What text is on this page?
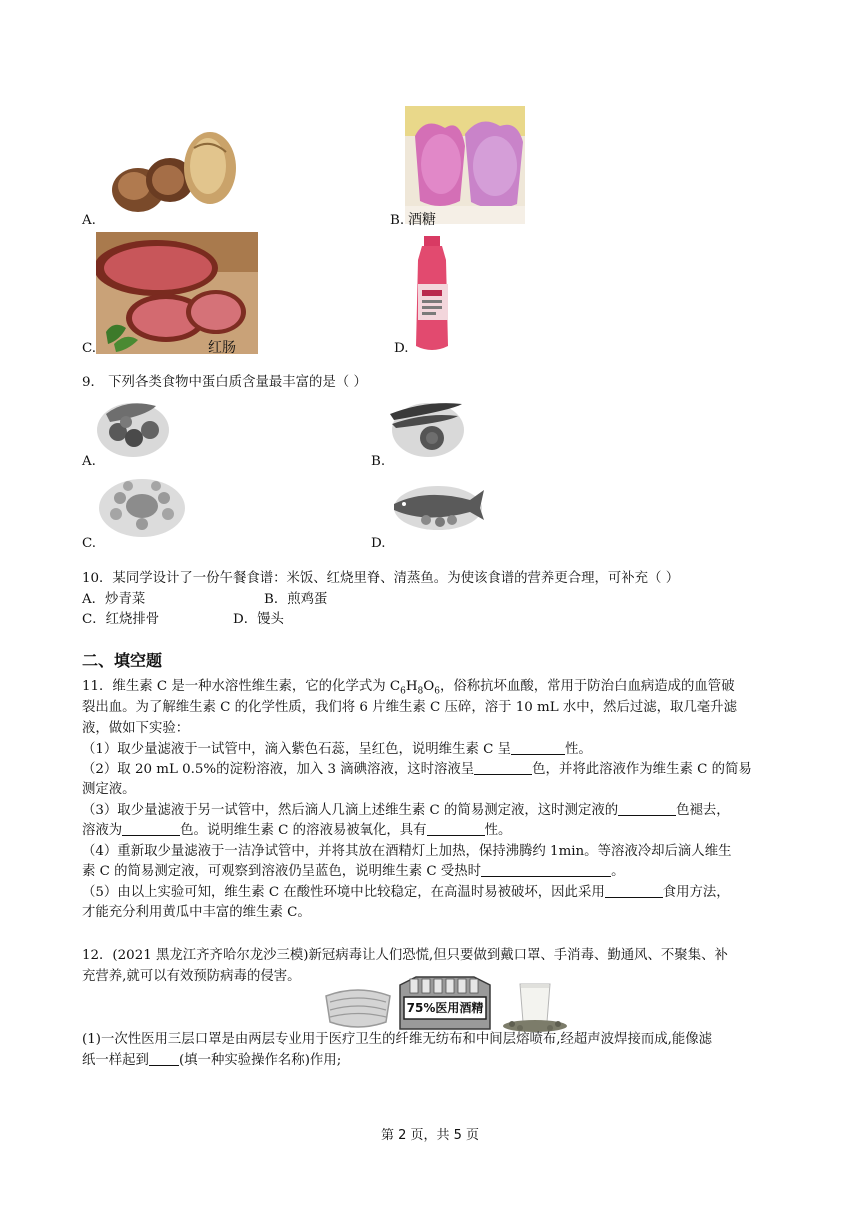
A.	B. 酒糖
C.	红肠	D.
9． 下列各类食物中蛋白质含量最丰富的是（ ）
A.	B.
C.	D.
10．某同学设计了一份午餐食谱：米饭、红烧里脊、清蒸鱼。为使该食谱的营养更合理，可补充（ ）
A．炒青菜	B．煎鸡蛋
C．红烧排骨	D．馒头
二、填空题
11．维生素 C 是一种水溶性维生素，它的化学式为 $C_6H_8O_6$，俗称抗坏血酸，常用于防治白血病造成的血管破
裂出血。为了解维生素 C 的化学性质，我们将 6 片维生素 C 压碎，溶于 10 mL 水中，然后过滤，取几毫升滤
液，做如下实验：
（1）取少量滤液于一试管中，滴入紫色石蕊，呈红色，说明维生素 C 呈	性。
（2）取 20 mL 0.5%的淀粉溶液，加入 3 滴碘溶液，这时溶液呈	色，并将此溶液作为维生素 C 的简易
测定液。
（3）取少量滤液于另一试管中，然后滴人几滴上述维生素 C 的简易测定液，这时测定液的	色褪去，
溶液为	色。说明维生素 C 的溶液易被氧化，具有	性。
（4）重新取少量滤液于一洁净试管中，并将其放在酒精灯上加热，保持沸腾约 1min。等溶液冷却后滴人维生
素 C 的简易测定液，可观察到溶液仍呈蓝色，说明维生素 C 受热时	。
（5）由以上实验可知，维生素 C 在酸性环境中比较稳定，在高温时易被破坏，因此采用	食用方法，
才能充分利用黄瓜中丰富的维生素 C。
12．(2021 黑龙江齐齐哈尔龙沙三模)新冠病毒让人们恐慌,但只要做到戴口罩、手消毒、勤通风、不聚集、补
充营养,就可以有效预防病毒的侵害。
75%医用酒精
(1)一次性医用三层口罩是由两层专业用于医疗卫生的纤维无纺布和中间层熔喷布,经超声波焊接而成,能像滤
纸一样起到 (填一种实验操作名称)作用;
第 2 页，共 5 页
